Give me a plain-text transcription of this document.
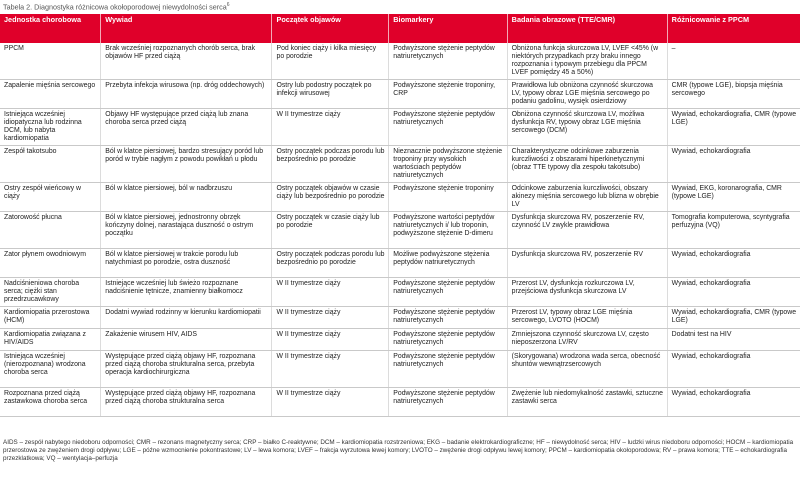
Tabela 2. Diagnostyka różnicowa okołoporodowej niewydolności serca$^6$
Jednostka chorobowa	Wywiad	Początek objawów	Biomarkery	Badania obrazowe (TTE/CMR)	Różnicowanie z PPCM
PPCM	Brak wcześniej rozpoznanych chorób serca, brak objawów HF przed ciążą	Pod koniec ciąży i kilka miesięcy po porodzie	Podwyższone stężenie peptydów natriuretycznych	Obniżona funkcja skurczowa LV, LVEF <45% (w niektórych przypadkach przy braku innego rozpoznania i typowym przebiegu dla PPCM LVEF pomiędzy 45 a 50%)	–
Zapalenie mięśnia sercowego	Przebyta infekcja wirusowa (np. dróg oddechowych)	Ostry lub podostry początek po infekcji wirusowej	Podwyższone stężenie troponiny, CRP	Prawidłowa lub obniżona czynność skurczowa LV, typowy obraz LGE mięśnia sercowego po podaniu gadolinu, wysięk osierdziowy	CMR (typowe LGE), biopsja mięśnia sercowego
Istniejąca wcześniej idiopatyczna lub rodzinna DCM, lub nabyta kardiomiopatia	Objawy HF występujące przed ciążą lub znana choroba serca przed ciążą	W II trymestrze ciąży	Podwyższone stężenie peptydów natriuretycznych	Obniżona czynność skurczowa LV, możliwa dysfunkcja RV, typowy obraz LGE mięśnia sercowego (DCM)	Wywiad, echokardiografia, CMR (typowe LGE)
Zespół takotsubo	Ból w klatce piersiowej, bardzo stresujący poród lub poród w trybie nagłym z powodu powikłań u płodu	Ostry początek podczas porodu lub bezpośrednio po porodzie	Nieznacznie podwyższone stężenie troponiny przy wysokich wartościach peptydów natriuretycznych	Charakterystyczne odcinkowe zaburzenia kurczliwości z obszarami hiperkinetycznymi (obraz TTE typowy dla zespołu takotsubo)	Wywiad, echokardiografia
Ostry zespół wieńcowy w ciąży	Ból w klatce piersiowej, ból w nadbrzuszu	Ostry początek objawów w czasie ciąży lub bezpośrednio po porodzie	Podwyższone stężenie troponiny	Odcinkowe zaburzenia kurczliwości, obszary akinezy mięśnia sercowego lub blizna w obrębie LV	Wywiad, EKG, koronarografia, CMR (typowe LGE)
Zatorowość płucna	Ból w klatce piersiowej, jednostronny obrzęk kończyny dolnej, narastająca duszność o ostrym początku	Ostry początek w czasie ciąży lub po porodzie	Podwyższone wartości peptydów natriuretycznych i/ lub troponin, podwyższone stężenie D-dimeru	Dysfunkcja skurczowa RV, poszerzenie RV, czynność LV zwykle prawidłowa	Tomografia komputerowa, scyntygrafia perfuzyjna (VQ)
Zator płynem owodniowym	Ból w klatce piersiowej w trakcie porodu lub natychmiast po porodzie, ostra duszność	Ostry początek podczas porodu lub bezpośrednio po porodzie	Możliwe podwyższone stężenia peptydów natriuretycznych	Dysfunkcja skurczowa RV, poszerzenie RV	Wywiad, echokardiografia
Nadciśnieniowa choroba serca; ciężki stan przedrzucawkowy	Istniejące wcześniej lub świeżo rozpoznane nadciśnienie tętnicze, znamienny białkomocz	W II trymestrze ciąży	Podwyższone stężenie peptydów natriuretycznych	Przerost LV, dysfunkcja rozkurczowa LV, przejściowa dysfunkcja skurczowa LV	Wywiad, echokardiografia
Kardiomiopatia przerostowa (HCM)	Dodatni wywiad rodzinny w kierunku kardiomiopatii	W II trymestrze ciąży	Podwyższone stężenie peptydów natriuretycznych	Przerost LV, typowy obraz LGE mięśnia sercowego, LVOTO (HOCM)	Wywiad, echokardiografia, CMR (typowe LGE)
Kardiomiopatia związana z HIV/AIDS	Zakażenie wirusem HIV, AIDS	W II trymestrze ciąży	Podwyższone stężenie peptydów natriuretycznych	Zmniejszona czynność skurczowa LV, często nieposzerzona LV/RV	Dodatni test na HIV
Istniejąca wcześniej (nierozpoznana) wrodzona choroba serca	Występujące przed ciążą objawy HF, rozpoznana przed ciążą choroba strukturalna serca, przebyta operacja kardiochirurgiczna	W II trymestrze ciąży	Podwyższone stężenie peptydów natriuretycznych	(Skorygowana) wrodzona wada serca, obecność shuntów wewnątrzsercowych	Wywiad, echokardiografia
Rozpoznana przed ciążą zastawkowa choroba serca	Występujące przed ciążą objawy HF, rozpoznana przed ciążą choroba strukturalna serca	W II trymestrze ciąży	Podwyższone stężenie peptydów natriuretycznych	Zwężenie lub niedomykalność zastawki, sztuczne zastawki serca	Wywiad, echokardiografia
AIDS – zespół nabytego niedoboru odporności; CMR – rezonans magnetyczny serca; CRP – białko C-reaktywne; DCM – kardiomiopatia rozstrzeniowa; EKG – badanie elektrokardiograficzne; HF – niewydolność serca; HIV – ludzki wirus niedoboru odporności; HOCM – kardiomiopatia przerostowa ze zwężeniem drogi odpływu; LGE – późne wzmocnienie pokontrastowe; LV – lewa komora; LVEF – frakcja wyrzutowa lewej komory; LVOTO – zwężenie drogi odpływu lewej komory; PPCM – kardiomiopatia okołoporodowa; RV – prawa komora; TTE – echokardiografia przezklatkowa; VQ – wentylacja–perfuzja
